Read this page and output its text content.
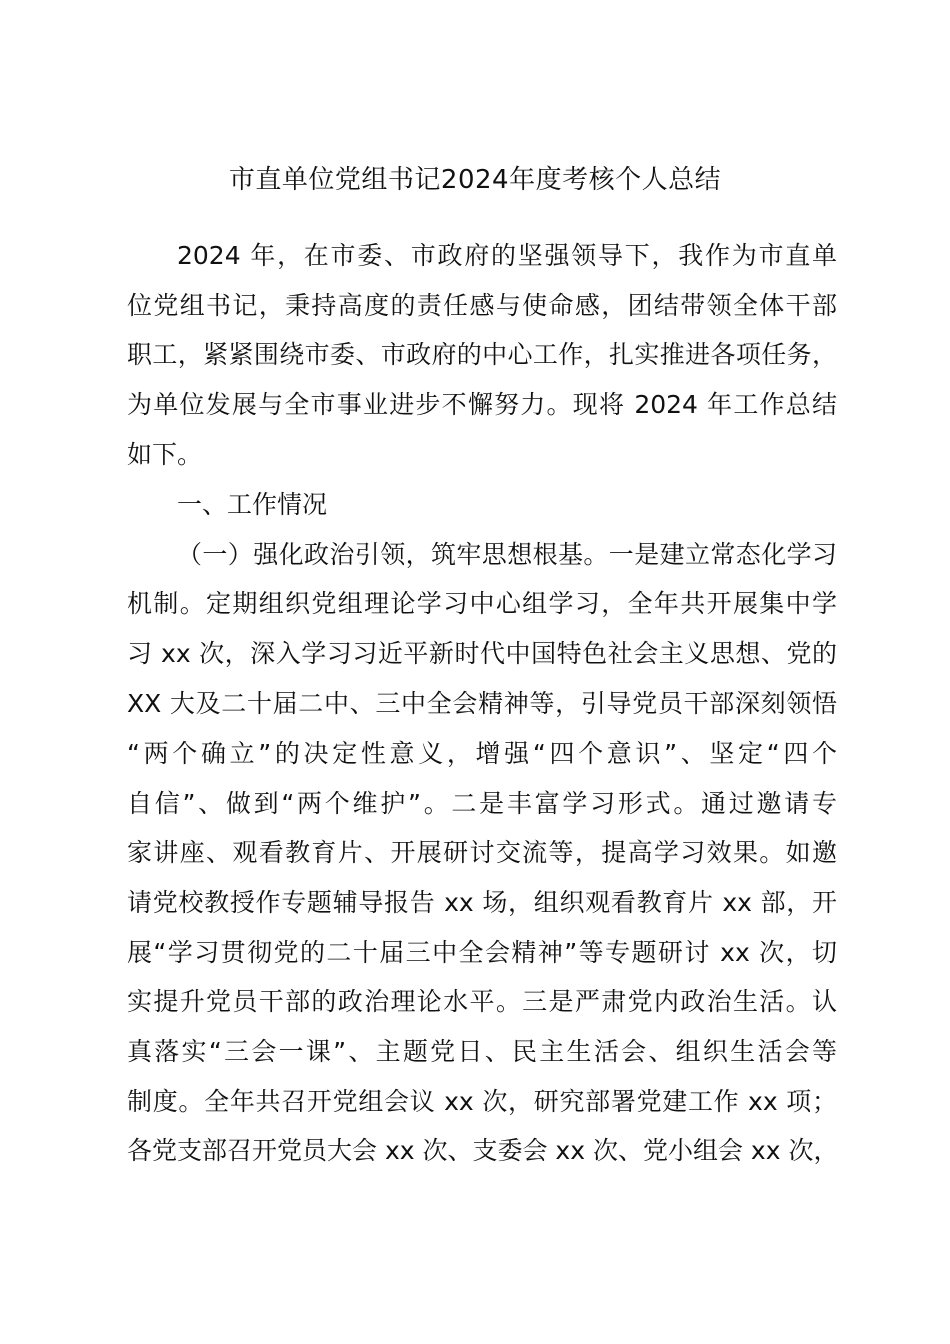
市直单位党组书记2024年度考核个人总结

2024 年，在市委、市政府的坚强领导下，我作为市直单

位党组书记，秉持高度的责任感与使命感，团结带领全体干部

职工，紧紧围绕市委、市政府的中心工作，扎实推进各项任务，

为单位发展与全市事业进步不懈努力。现将 2024 年工作总结

如下。

一、工作情况

（一）强化政治引领，筑牢思想根基。一是建立常态化学习

机制。定期组织党组理论学习中心组学习，全年共开展集中学

习 xx 次，深入学习习近平新时代中国特色社会主义思想、党的

XX 大及二十届二中、三中全会精神等，引导党员干部深刻领悟

“两个确立”的决定性意义，增强“四个意识”、坚定“四个

自信”、做到“两个维护”。二是丰富学习形式。通过邀请专

家讲座、观看教育片、开展研讨交流等，提高学习效果。如邀

请党校教授作专题辅导报告 xx 场，组织观看教育片 xx 部，开

展“学习贯彻党的二十届三中全会精神”等专题研讨 xx 次，切

实提升党员干部的政治理论水平。三是严肃党内政治生活。认

真落实“三会一课”、主题党日、民主生活会、组织生活会等

制度。全年共召开党组会议 xx 次，研究部署党建工作 xx 项；

各党支部召开党员大会 xx 次、支委会 xx 次、党小组会 xx 次，
